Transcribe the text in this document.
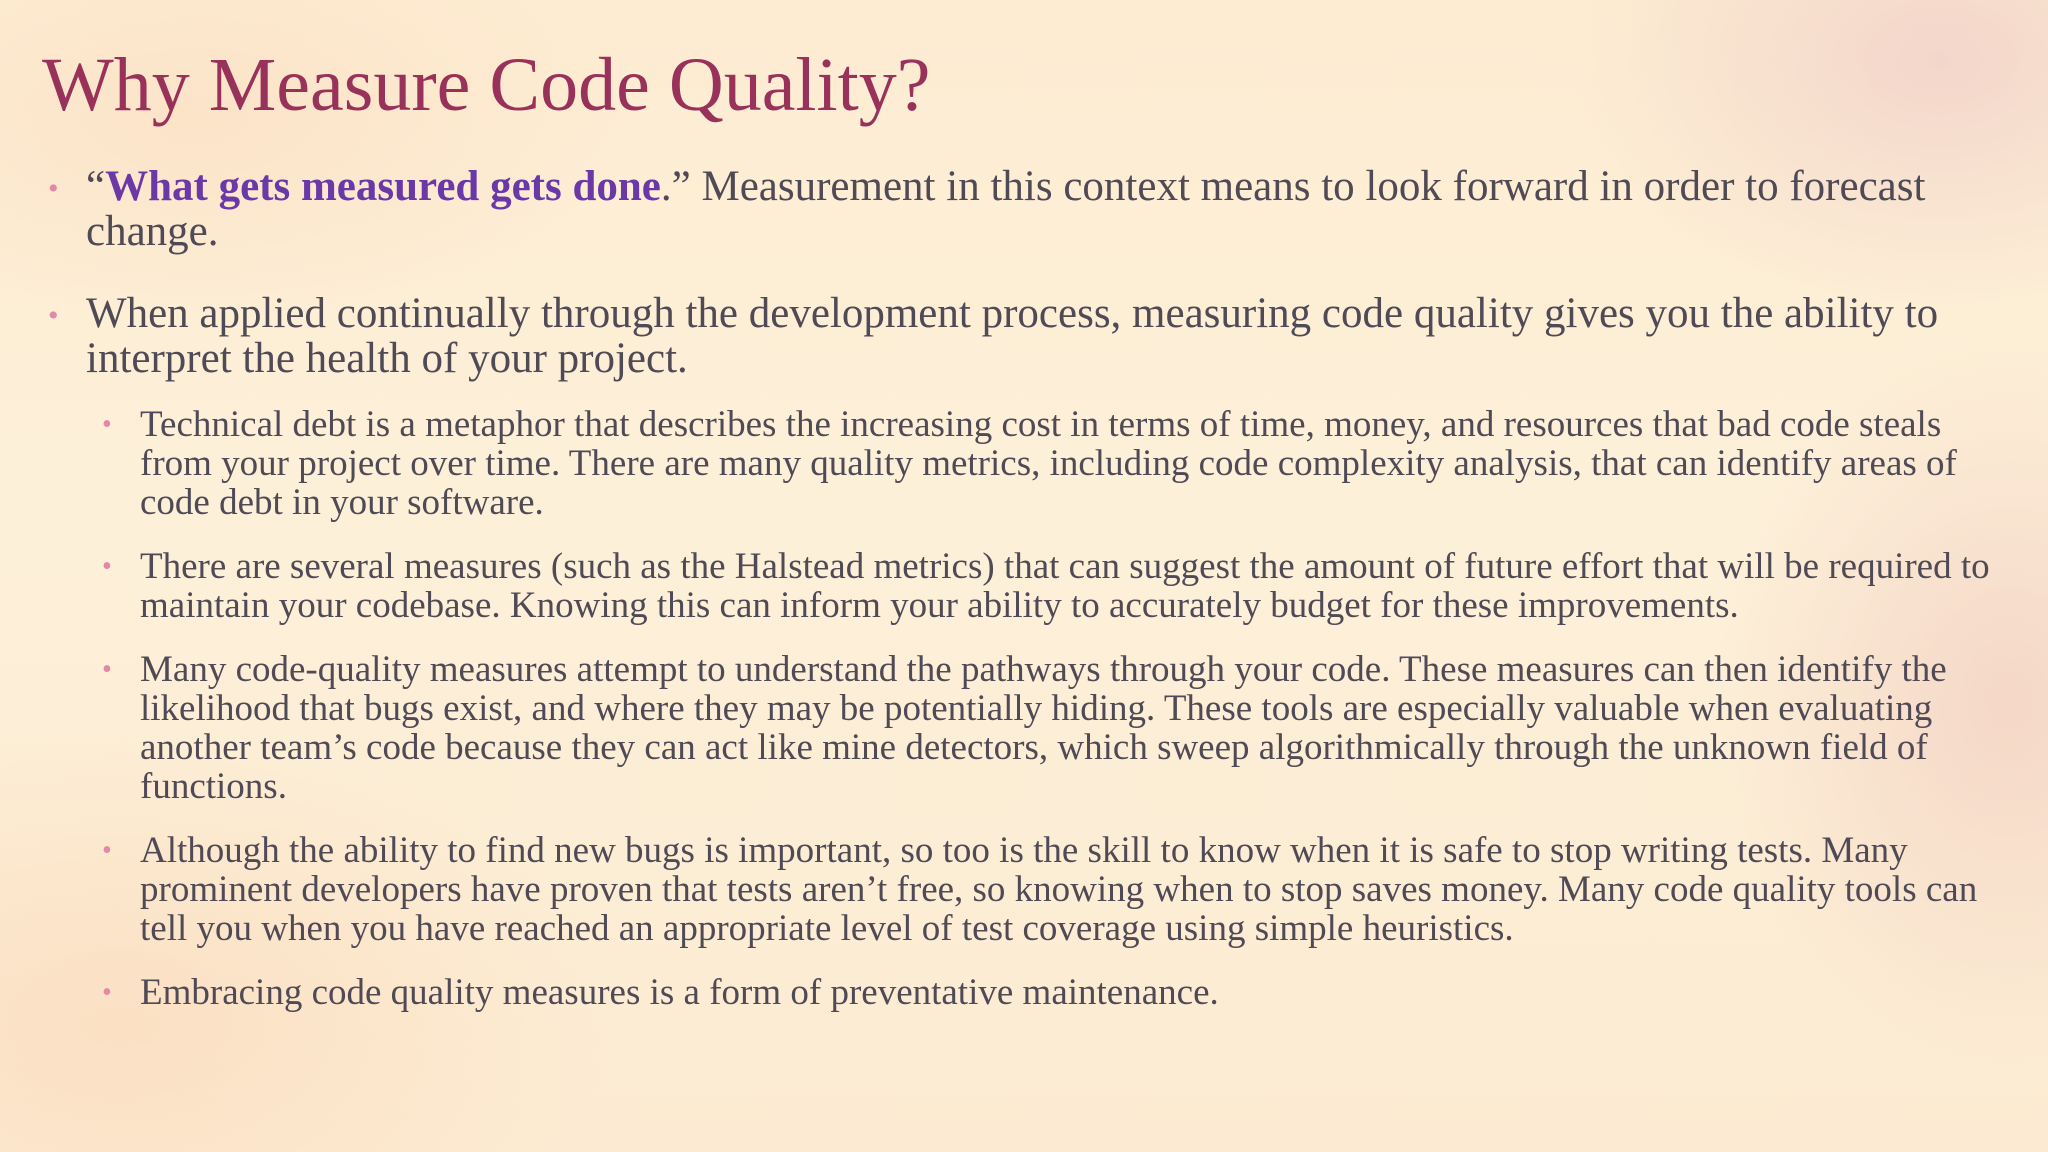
Why Measure Code Quality?
• “What gets measured gets done.” Measurement in this context means to look forward in order to forecast change.
• When applied continually through the development process, measuring code quality gives you the ability to interpret the health of your project.
• Technical debt is a metaphor that describes the increasing cost in terms of time, money, and resources that bad code steals from your project over time. There are many quality metrics, including code complexity analysis, that can identify areas of code debt in your software.
• There are several measures (such as the Halstead metrics) that can suggest the amount of future effort that will be required to maintain your codebase. Knowing this can inform your ability to accurately budget for these improvements.
• Many code-quality measures attempt to understand the pathways through your code. These measures can then identify the likelihood that bugs exist, and where they may be potentially hiding. These tools are especially valuable when evaluating another team’s code because they can act like mine detectors, which sweep algorithmically through the unknown field of functions.
• Although the ability to find new bugs is important, so too is the skill to know when it is safe to stop writing tests. Many prominent developers have proven that tests aren’t free, so knowing when to stop saves money. Many code quality tools can tell you when you have reached an appropriate level of test coverage using simple heuristics.
• Embracing code quality measures is a form of preventative maintenance.
